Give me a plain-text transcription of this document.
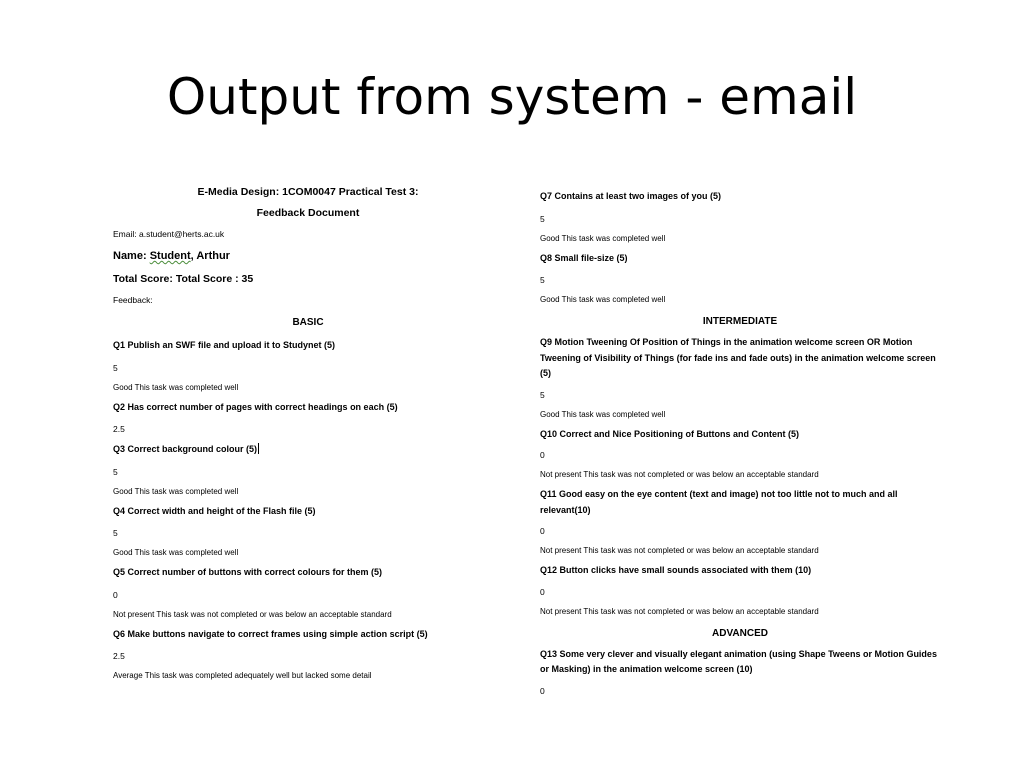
Output from system - email

E-Media Design: 1COM0047 Practical Test 3:

Feedback Document

Email: a.student@herts.ac.uk

Name: Student, Arthur

Total Score: Total Score : 35

Feedback:

BASIC

Q1 Publish an SWF file and upload it to Studynet (5)

5

Good This task was completed well

Q2 Has correct number of pages with correct headings on each (5)

2.5

Q3 Correct background colour (5)

5

Good This task was completed well

Q4 Correct width and height of the Flash file (5)

5

Good This task was completed well

Q5 Correct number of buttons with correct colours for them (5)

0

Not present This task was not completed or was below an acceptable standard

Q6 Make buttons navigate to correct frames using simple action script (5)

2.5

Average This task was completed adequately well but lacked some detail

Q7 Contains at least two images of you (5)

5

Good This task was completed well

Q8 Small file-size (5)

5

Good This task was completed well

INTERMEDIATE

Q9 Motion Tweening Of Position of Things in the animation welcome screen OR Motion Tweening of Visibility of Things (for fade ins and fade outs) in the animation welcome screen (5)

5

Good This task was completed well

Q10 Correct and Nice Positioning of Buttons and Content (5)

0

Not present This task was not completed or was below an acceptable standard

Q11 Good easy on the eye content (text and image) not too little not to much and all relevant(10)

0

Not present This task was not completed or was below an acceptable standard

Q12 Button clicks have small sounds associated with them (10)

0

Not present This task was not completed or was below an acceptable standard

ADVANCED

Q13 Some very clever and visually elegant animation (using Shape Tweens or Motion Guides or Masking) in the animation welcome screen (10)

0
